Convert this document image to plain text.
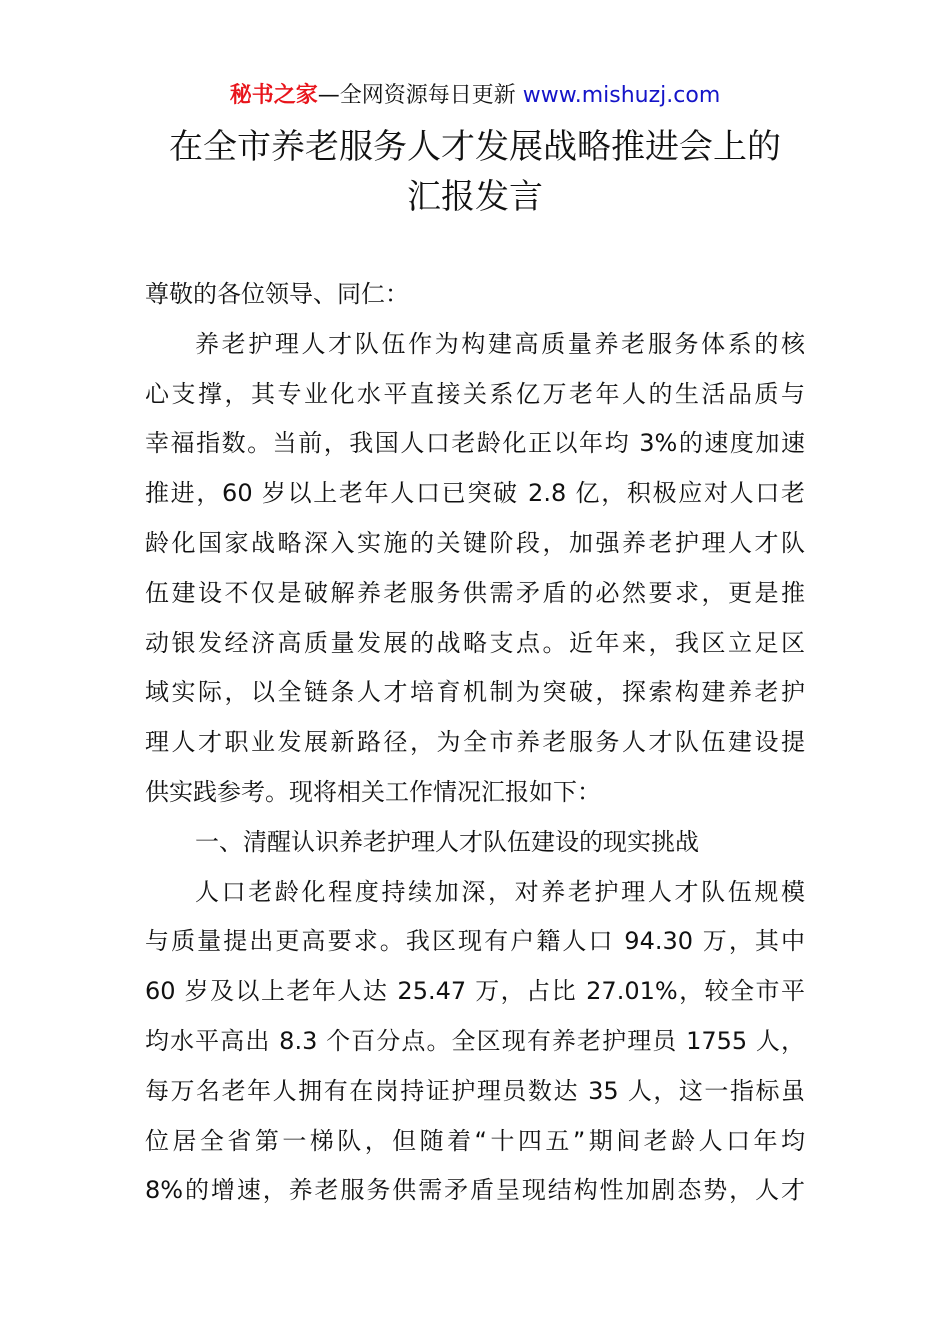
秘书之家—全网资源每日更新 www.mishuzj.com
在全市养老服务人才发展战略推进会上的
汇报发言
尊敬的各位领导、同仁：
养老护理人才队伍作为构建高质量养老服务体系的核
心支撑，其专业化水平直接关系亿万老年人的生活品质与
幸福指数。当前，我国人口老龄化正以年均 3%的速度加速
推进，60 岁以上老年人口已突破 2.8 亿，积极应对人口老
龄化国家战略深入实施的关键阶段，加强养老护理人才队
伍建设不仅是破解养老服务供需矛盾的必然要求，更是推
动银发经济高质量发展的战略支点。近年来，我区立足区
域实际，以全链条人才培育机制为突破，探索构建养老护
理人才职业发展新路径，为全市养老服务人才队伍建设提
供实践参考。现将相关工作情况汇报如下：
一、清醒认识养老护理人才队伍建设的现实挑战
人口老龄化程度持续加深，对养老护理人才队伍规模
与质量提出更高要求。我区现有户籍人口 94.30 万，其中
60 岁及以上老年人达 25.47 万，占比 27.01%，较全市平
均水平高出 8.3 个百分点。全区现有养老护理员 1755 人，
每万名老年人拥有在岗持证护理员数达 35 人，这一指标虽
位居全省第一梯队，但随着“十四五”期间老龄人口年均
8%的增速，养老服务供需矛盾呈现结构性加剧态势，人才
